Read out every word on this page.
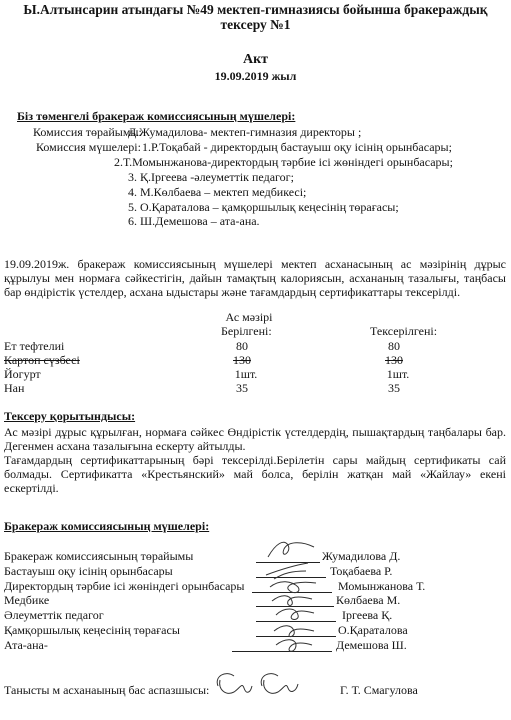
Ы.Алтынсарин атындағы №49 мектеп-гимназиясы бойынша бракераждық
тексеру №1
Акт
19.09.2019 жыл
Біз төменгелі бракераж комиссиясының мүшелері:
Комиссия төрайымы:
Д.Жумадилова- мектеп-гимназия директоры ;
Комиссия мүшелері: 1.Р.Тоқабай - директордың бастауыш оқу ісінің орынбасары;
2.Т.Момынжанова-директордың тәрбие ісі жөніндегі орынбасары;
3. Қ.Іргеева -әлеуметтік педагог;
4. М.Көлбаева – мектеп медбикесі;
5. О.Қараталова – қамқоршылық кеңесінің төрағасы;
6. Ш.Демешова – ата-ана.
19.09.2019ж. бракераж комиссиясының мүшелері мектеп асханасының ас мәзірінің дұрыс құрылуы мен нормаға сәйкестігін, дайын тамақтың калориясын, асхананың тазалығы, таңбасы бар өндірістік үстелдер, асхана ыдыстары және тағамдардың сертификаттары тексерілді.
Ас мәзірі
Берілгені:	Тексерілгені:
Ет тефтелиі	80	80
Картоп сүзбесі	130	130
Йогурт	1шт.	1шт.
Нан	35	35
Тексеру қорытындысы:
Ас мәзірі дұрыс құрылған, нормаға сәйкес Өндірістік үстелдердің, пышақтардың таңбалары бар. Дегенмен асхана тазалығына ескерту айтылды.
Тағамдардың сертификаттарының бәрі тексерілді.Берілетін сары майдың сертификаты сай болмады. Сертификатта «Крестьянский» май болса, берілін жатқан май «Жайлау» екені ескертілді.
Бракераж комиссиясының мүшелері:
Бракераж комиссиясының төрайымы	Жумадилова Д.
Бастауыш оқу ісінің орынбасары	Тоқабаева Р.
Директордың тәрбие ісі жөніндегі орынбасары	Момынжанова Т.
Медбике	Көлбаева М.
Әлеуметтік педагог	Іргеева Қ.
Қамқоршылық кеңесінің төрағасы	О.Қараталова
Ата-ана-	Демешова Ш.
Танысты м асханаының бас аспазшысы:	Г. Т. Смагулова
